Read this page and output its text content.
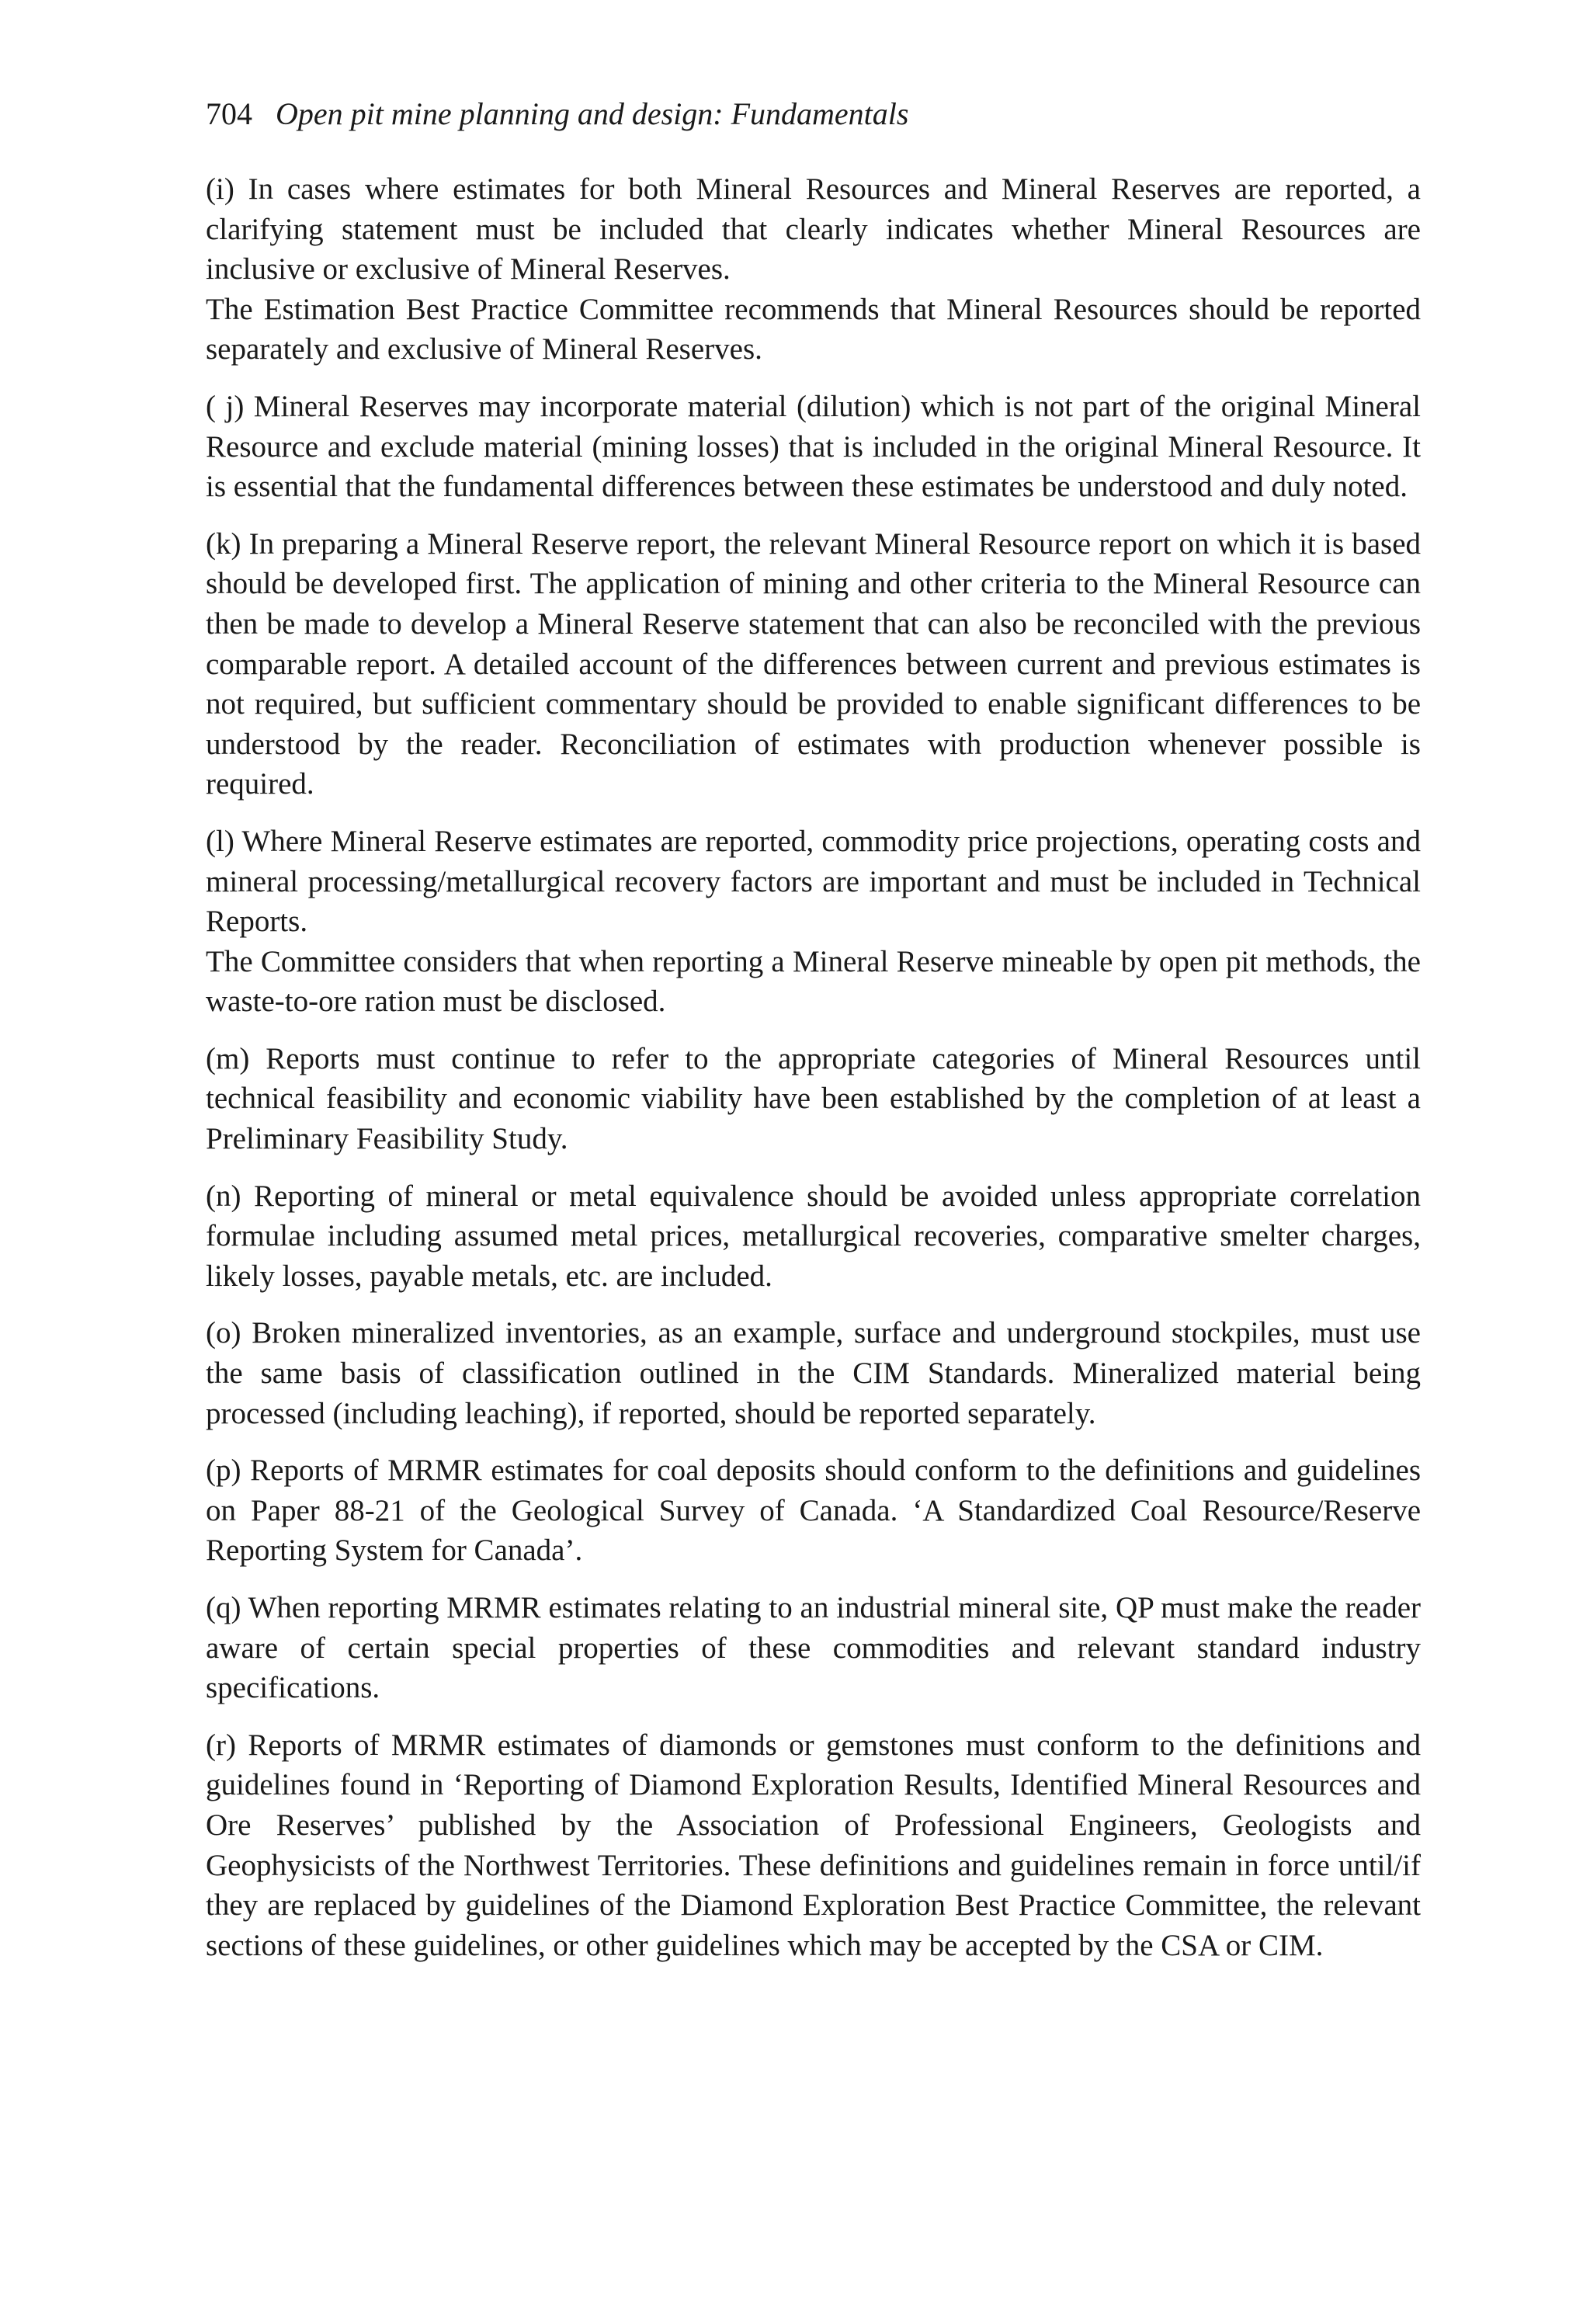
704 Open pit mine planning and design: Fundamentals

(i) In cases where estimates for both Mineral Resources and Mineral Reserves are reported, a clarifying statement must be included that clearly indicates whether Mineral Resources are inclusive or exclusive of Mineral Reserves.

The Estimation Best Practice Committee recommends that Mineral Resources should be reported separately and exclusive of Mineral Reserves.

( j) Mineral Reserves may incorporate material (dilution) which is not part of the original Mineral Resource and exclude material (mining losses) that is included in the original Mineral Resource. It is essential that the fundamental differences between these estimates be understood and duly noted.

(k) In preparing a Mineral Reserve report, the relevant Mineral Resource report on which it is based should be developed first. The application of mining and other criteria to the Mineral Resource can then be made to develop a Mineral Reserve statement that can also be reconciled with the previous comparable report. A detailed account of the differences between current and previous estimates is not required, but sufficient commentary should be provided to enable significant differences to be understood by the reader. Reconciliation of estimates with production whenever possible is required.

(l) Where Mineral Reserve estimates are reported, commodity price projections, operating costs and mineral processing/metallurgical recovery factors are important and must be included in Technical Reports.

The Committee considers that when reporting a Mineral Reserve mineable by open pit methods, the waste-to-ore ration must be disclosed.

(m) Reports must continue to refer to the appropriate categories of Mineral Resources until technical feasibility and economic viability have been established by the completion of at least a Preliminary Feasibility Study.

(n) Reporting of mineral or metal equivalence should be avoided unless appropriate correlation formulae including assumed metal prices, metallurgical recoveries, comparative smelter charges, likely losses, payable metals, etc. are included.

(o) Broken mineralized inventories, as an example, surface and underground stockpiles, must use the same basis of classification outlined in the CIM Standards. Mineralized material being processed (including leaching), if reported, should be reported separately.

(p) Reports of MRMR estimates for coal deposits should conform to the definitions and guidelines on Paper 88-21 of the Geological Survey of Canada. ‘A Standardized Coal Resource/Reserve Reporting System for Canada’.

(q) When reporting MRMR estimates relating to an industrial mineral site, QP must make the reader aware of certain special properties of these commodities and relevant standard industry specifications.

(r) Reports of MRMR estimates of diamonds or gemstones must conform to the definitions and guidelines found in ‘Reporting of Diamond Exploration Results, Identified Mineral Resources and Ore Reserves’ published by the Association of Professional Engineers, Geologists and Geophysicists of the Northwest Territories. These definitions and guidelines remain in force until/if they are replaced by guidelines of the Diamond Exploration Best Practice Committee, the relevant sections of these guidelines, or other guidelines which may be accepted by the CSA or CIM.
